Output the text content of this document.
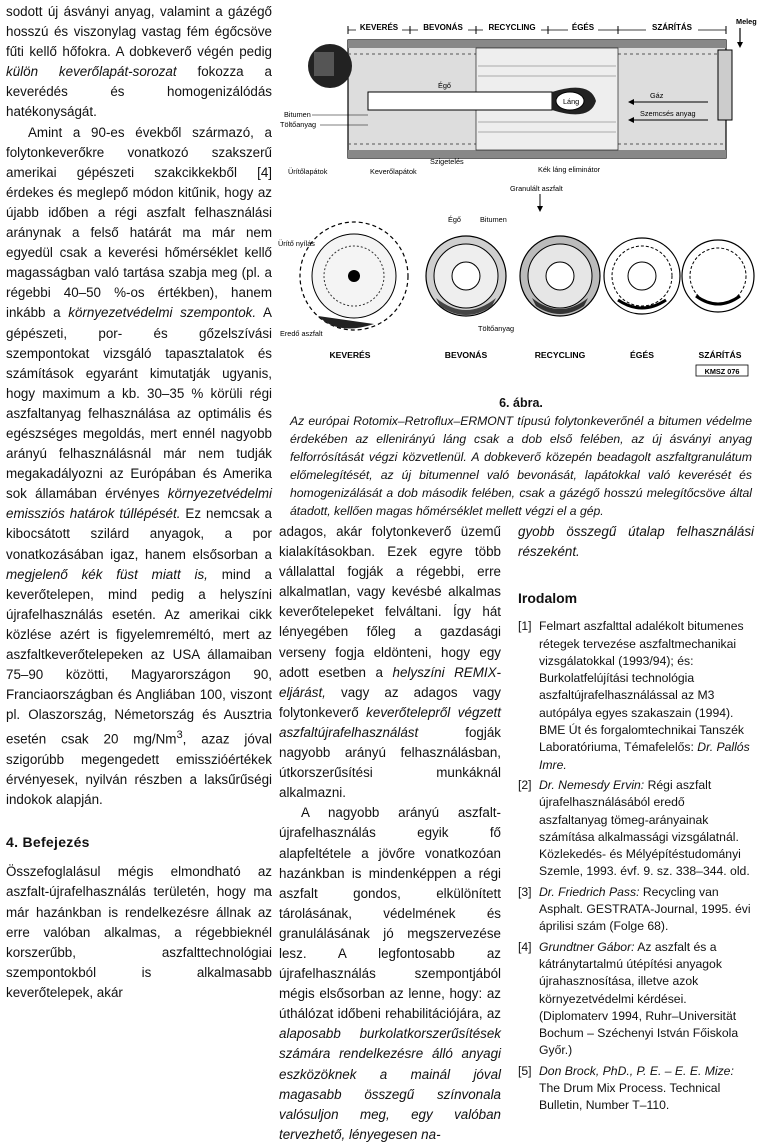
sodott új ásványi anyag, valamint a gázégő hosszú és viszonylag vastag fém égőcsöve fűti kellő hőfokra. A dobkeverő végén pedig külön keverőlapát-sorozat fokozza a keverédés és homogenizálódás hatékonyságát.

Amint a 90-es évekből származó, a folytonkeverőkre vonatkozó szakszerű amerikai gépészeti szakcikkekből [4] érdekes és meglepő módon kitűnik, hogy az újabb időben a régi aszfalt felhasználási aránynak a felső határát ma már nem egyedül csak a keverési hőmérséklet kellő magasságban való tartása szabja meg (pl. a régebbi 40–50 %-os értékben), hanem inkább a környezetvédelmi szempontok. A gépészeti, por- és gőzelszívási szempontokat vizsgáló tapasztalatok és számítások egyaránt kimutatják ugyanis, hogy maximum a kb. 30–35 % körüli régi aszfaltanyag felhasználása az optimális és egészséges megoldás, mert ennél nagyobb arányú felhasználásnál már nem tudják megakadályozni az Európában és Amerika sok államában érvényes környezetvédelmi emissziós határok túllépését. Ez nemcsak a kibocsátott szilárd anyagok, a por vonatkozásában igaz, hanem elsősorban a megjelenő kék füst miatt is, mind a keverőtelepen, mind pedig a helyszíni újrafelhasználás esetén. Az amerikai cikk közlése azért is figyelemreméltó, mert az aszfaltkeverőtelepeken az USA államaiban 75–90 közötti, Magyarországon 90, Franciaországban és Angliában 100, viszont pl. Olaszország, Németország és Ausztria esetén csak 20 mg/Nm$^3$, azaz jóval szigorúbb megengedett emisszióértékek érvényesek, nyilván részben a laksűrűségi indokok alapján.

4. Befejezés

Összefoglalásul mégis elmondható az aszfalt-újrafelhasználás területén, hogy ma már hazánkban is rendelkezésre állnak az erre valóban alkalmas, a régebbieknél korszerűbb, aszfalttechnológiai szempontokból is alkalmasabb keverőtelepek, akár

KEVERÉS	BEVONÁS	RECYCLING	ÉGÉS	SZÁRÍTÁS
Meleg
Láng
Égő
Gáz
Szemcsés anyag
Bitumen
Töltőanyag
Szigetelés
Ürítőlapátok	Keverőlapátok	Kék láng eliminátor
Granulált aszfalt
Égő	Bitumen
Ürítő nyílás
Töltőanyag
Eredő aszfalt
KEVERÉS	BEVONÁS	RECYCLING	ÉGÉS	SZÁRÍTÁS
KMSZ 076
6. ábra.
Az európai Rotomix–Retroflux–ERMONT típusú folytonkeverőnél a bitumen védelme érdekében az ellenirányú láng csak a dob első felében, az új ásványi anyag felforrósítását végzi közvetlenül. A dobkeverő közepén beadagolt aszfaltgranulátum előmelegítését, az új bitumennel való bevonását, lapátokkal való keverését és homogenizálását a dob második felében, csak a gázégő hosszú melegítőcsöve által átadott, kellően magas hőmérséklet mellett végzi el a gép.

adagos, akár folytonkeverő üzemű kialakításokban. Ezek egyre több vállalattal fogják a régebbi, erre alkalmatlan, vagy kevésbé alkalmas keverőtelepeket felváltani. Így hát lényegében főleg a gazdasági verseny fogja eldönteni, hogy egy adott esetben a helyszíni REMIX-eljárást, vagy az adagos vagy folytonkeverő keverőtelepről végzett aszfaltújrafelhasználást fogják nagyobb arányú felhasználásban, útkorszerűsítési munkáknál alkalmazni.

A nagyobb arányú aszfalt-újrafelhasználás egyik fő alapfeltétele a jövőre vonatkozóan hazánkban is mindenképpen a régi aszfalt gondos, elkülönített tárolásának, védelmének és granulálásának jó megszervezése lesz. A legfontosabb az újrafelhasználás szempontjából mégis elsősorban az lenne, hogy: az úthálózat időbeni rehabilitációjára, az alaposabb burkolatkorszerűsítések számára rendelkezésre álló anyagi eszközöknek a mainál jóval magasabb összegű színvonala valósuljon meg, egy valóban tervezhető, lényegesen na-

gyobb összegű útalap felhasználási részeként.

Irodalom

[1] Felmart aszfalttal adalékolt bitumenes rétegek tervezése aszfaltmechanikai vizsgálatokkal (1993/94); és: Burkolatfelújítási technológia aszfaltújrafelhasználással az M3 autópálya egyes szakaszain (1994). BME Út és forgalomtechnikai Tanszék Laboratóriuma, Témafelelős: Dr. Pallós Imre.

[2] Dr. Nemesdy Ervin: Régi aszfalt újrafelhasználásából eredő aszfaltanyag tömeg-arányainak számítása alkalmassági vizsgálatnál. Közlekedés- és Mélyépítéstudományi Szemle, 1993. évf. 9. sz. 338–344. old.

[3] Dr. Friedrich Pass: Recycling van Asphalt. GESTRATA-Journal, 1995. évi áprilisi szám (Folge 68).

[4] Grundtner Gábor: Az aszfalt és a kátránytartalmú útépítési anyagok újrahasznosítása, illetve azok környezetvédelmi kérdései. (Diplomaterv 1994, Ruhr–Universität Bochum – Széchenyi István Főiskola Győr.)

[5] Don Brock, PhD., P. E. – E. E. Mize: The Drum Mix Process. Technical Bulletin, Number T–110.
